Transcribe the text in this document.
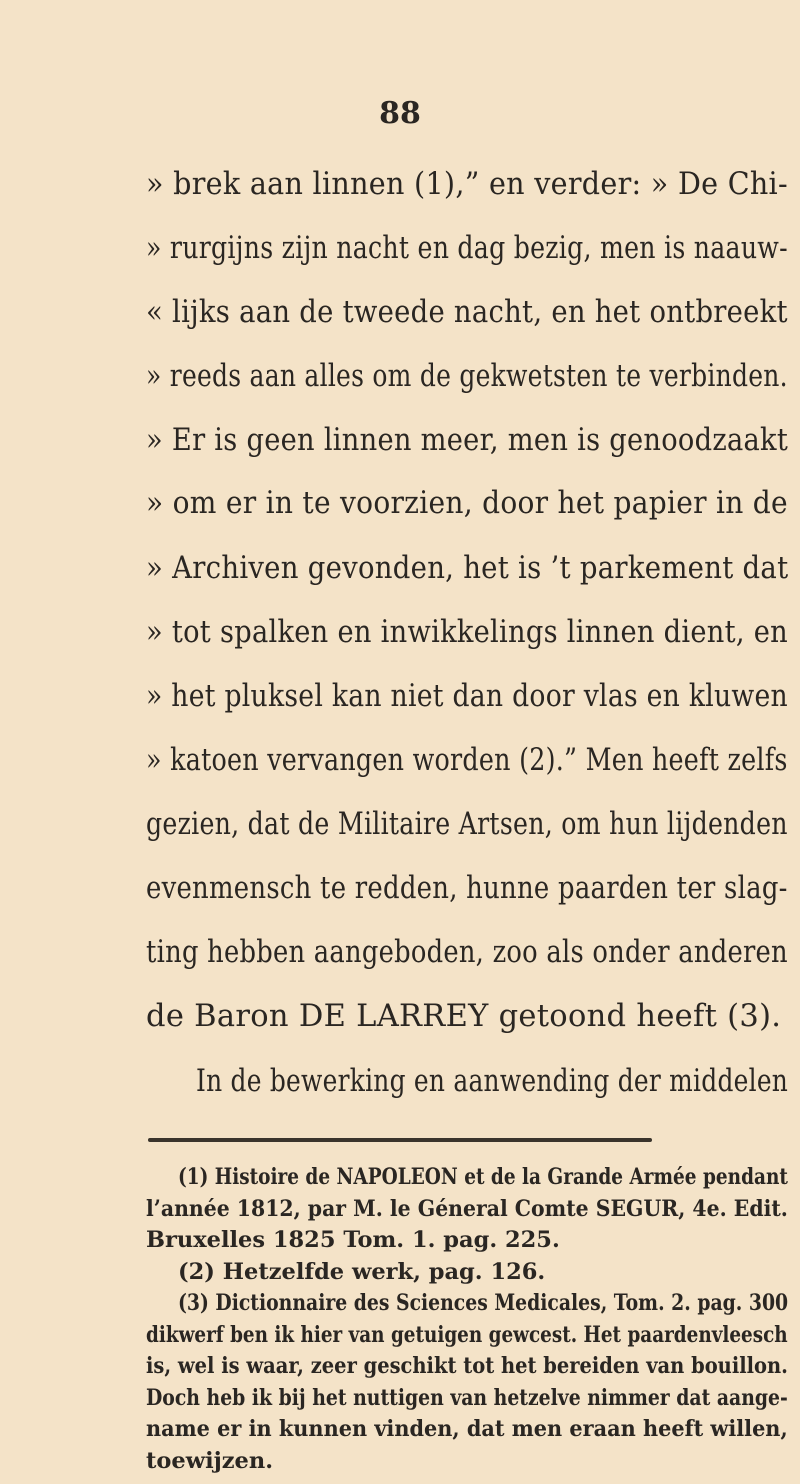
88
» brek aan linnen (1),” en verder: » De Chi-
» rurgijns zijn nacht en dag bezig, men is naauw-
« lijks aan de tweede nacht, en het ontbreekt
» reeds aan alles om de gekwetsten te verbinden.
» Er is geen linnen meer, men is genoodzaakt
» om er in te voorzien, door het papier in de
» Archiven gevonden, het is ’t parkement dat
» tot spalken en inwikkelings linnen dient, en
» het pluksel kan niet dan door vlas en kluwen
» katoen vervangen worden (2).” Men heeft zelfs
gezien, dat de Militaire Artsen, om hun lijdenden
evenmensch te redden, hunne paarden ter slag-
ting hebben aangeboden, zoo als onder anderen
de Baron DE LARREY getoond heeft (3).
In de bewerking en aanwending der middelen
(1) Histoire de NAPOLEON et de la Grande Armée pendant
l’année 1812, par M. le Géneral Comte SEGUR, 4e. Edit.
Bruxelles 1825 Tom. 1. pag. 225.
(2) Hetzelfde werk, pag. 126.
(3) Dictionnaire des Sciences Medicales, Tom. 2. pag. 300
dikwerf ben ik hier van getuigen gewcest. Het paardenvleesch
is, wel is waar, zeer geschikt tot het bereiden van bouillon.
Doch heb ik bij het nuttigen van hetzelve nimmer dat aange-
name er in kunnen vinden, dat men eraan heeft willen,
toewijzen.
